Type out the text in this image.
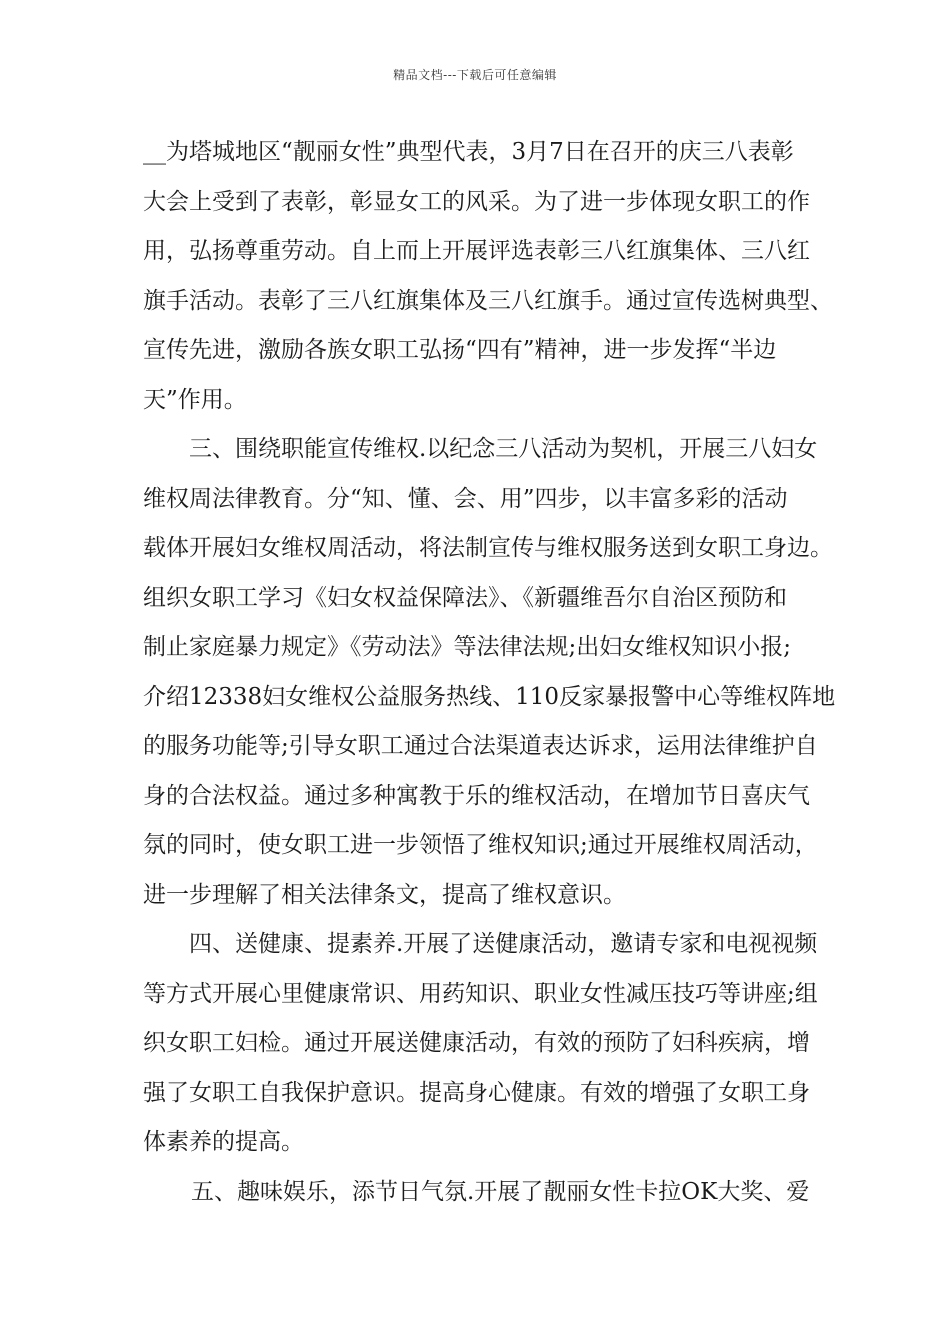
精品文档---下载后可任意编辑
__为塔城地区“靓丽女性”典型代表，3月7日在召开的庆三八表彰
大会上受到了表彰，彰显女工的风采。为了进一步体现女职工的作
用，弘扬尊重劳动。自上而上开展评选表彰三八红旗集体、三八红
旗手活动。表彰了三八红旗集体及三八红旗手。通过宣传选树典型、
宣传先进，激励各族女职工弘扬“四有”精神，进一步发挥“半边
天”作用。
三、围绕职能宣传维权.以纪念三八活动为契机，开展三八妇女
维权周法律教育。分“知、懂、会、用”四步，以丰富多彩的活动
载体开展妇女维权周活动，将法制宣传与维权服务送到女职工身边。
组织女职工学习《妇女权益保障法》、《新疆维吾尔自治区预防和
制止家庭暴力规定》《劳动法》等法律法规;出妇女维权知识小报;
介绍12338妇女维权公益服务热线、110反家暴报警中心等维权阵地
的服务功能等;引导女职工通过合法渠道表达诉求，运用法律维护自
身的合法权益。通过多种寓教于乐的维权活动，在增加节日喜庆气
氛的同时，使女职工进一步领悟了维权知识;通过开展维权周活动，
进一步理解了相关法律条文，提高了维权意识。
四、送健康、提素养.开展了送健康活动，邀请专家和电视视频
等方式开展心里健康常识、用药知识、职业女性减压技巧等讲座;组
织女职工妇检。通过开展送健康活动，有效的预防了妇科疾病，增
强了女职工自我保护意识。提高身心健康。有效的增强了女职工身
体素养的提高。
五、趣味娱乐，添节日气氛.开展了靓丽女性卡拉OK大奖、爱
